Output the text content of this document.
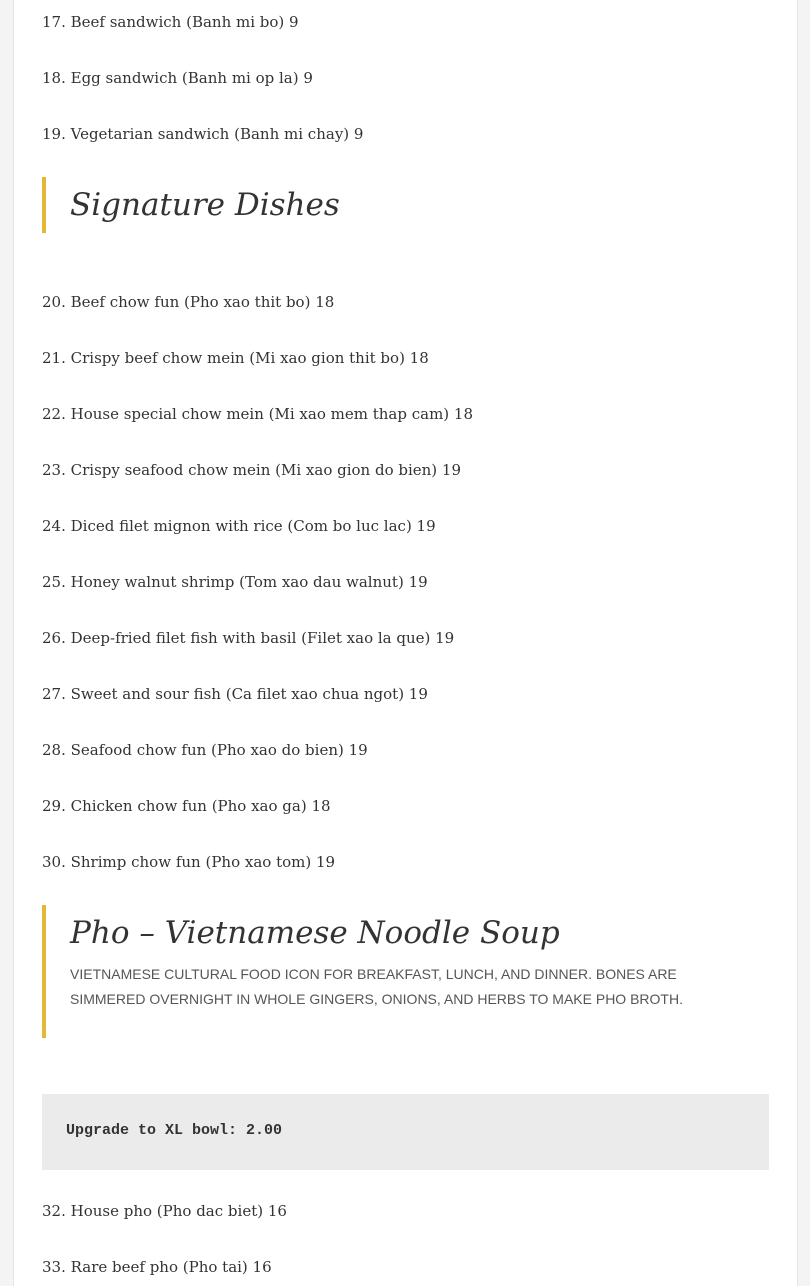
17. Beef sandwich (Banh mi bo) 9
18. Egg sandwich (Banh mi op la) 9
19. Vegetarian sandwich (Banh mi chay) 9
Signature Dishes
20. Beef chow fun (Pho xao thit bo) 18
21. Crispy beef chow mein (Mi xao gion thit bo) 18
22. House special chow mein (Mi xao mem thap cam) 18
23. Crispy seafood chow mein (Mi xao gion do bien) 19
24. Diced filet mignon with rice (Com bo luc lac) 19
25. Honey walnut shrimp (Tom xao dau walnut) 19
26. Deep-fried filet fish with basil (Filet xao la que) 19
27. Sweet and sour fish (Ca filet xao chua ngot) 19
28. Seafood chow fun (Pho xao do bien) 19
29. Chicken chow fun (Pho xao ga) 18
30. Shrimp chow fun (Pho xao tom) 19
Pho – Vietnamese Noodle Soup
VIETNAMESE CULTURAL FOOD ICON FOR BREAKFAST, LUNCH, AND DINNER. BONES ARE SIMMERED OVERNIGHT IN WHOLE GINGERS, ONIONS, AND HERBS TO MAKE PHO BROTH.
Upgrade to XL bowl: 2.00
32. House pho (Pho dac biet) 16
33. Rare beef pho (Pho tai) 16
